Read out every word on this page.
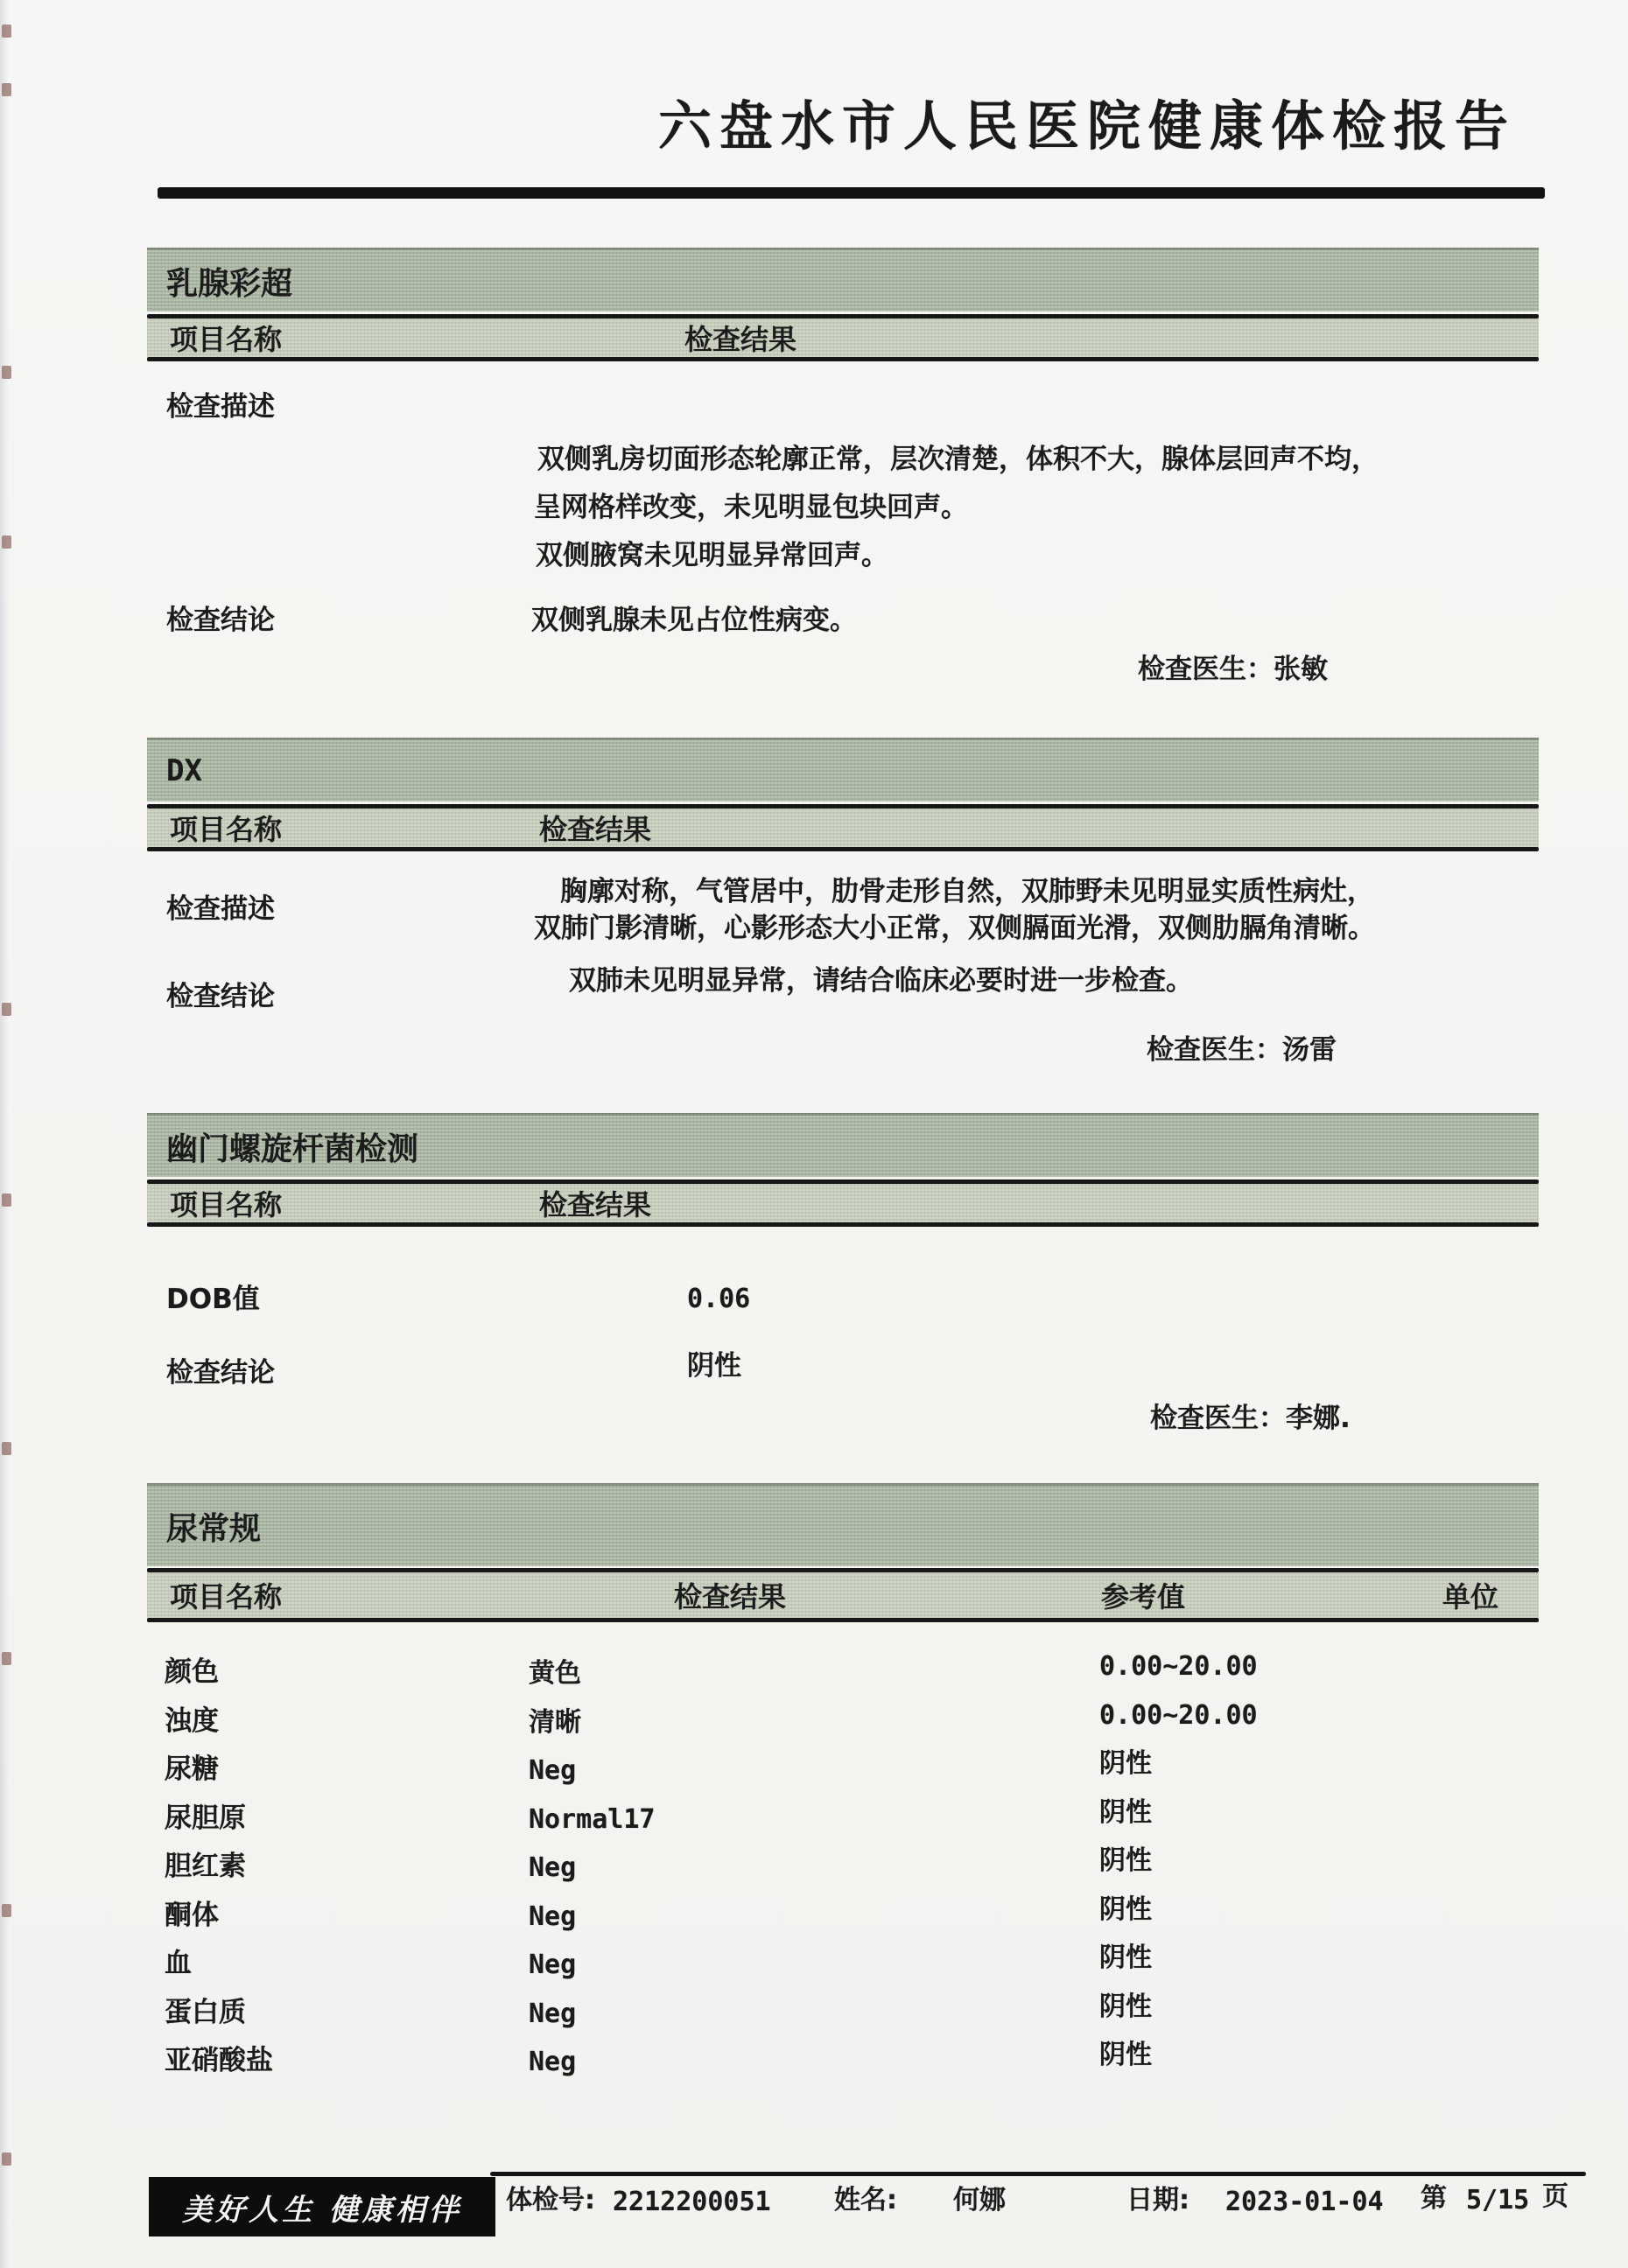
六盘水市人民医院健康体检报告
乳腺彩超
项目名称	检查结果
检查描述
双侧乳房切面形态轮廓正常，层次清楚，体积不大，腺体层回声不均，
呈网格样改变，未见明显包块回声。
双侧腋窝未见明显异常回声。
检查结论	双侧乳腺未见占位性病变。
检查医生：张敏
DX
项目名称	检查结果
检查描述
胸廓对称，气管居中，肋骨走形自然，双肺野未见明显实质性病灶，
双肺门影清晰，心影形态大小正常，双侧膈面光滑，双侧肋膈角清晰。
检查结论	双肺未见明显异常，请结合临床必要时进一步检查。
检查医生：汤雷
幽门螺旋杆菌检测
项目名称	检查结果
DOB值	0.06
检查结论	阴性
检查医生：李娜.
尿常规
项目名称	检查结果	参考值	单位
颜色	黄色	0.00~20.00
浊度	清晰	0.00~20.00
尿糖	Neg	阴性
尿胆原	Normal17	阴性
胆红素	Neg	阴性
酮体	Neg	阴性
血	Neg	阴性
蛋白质	Neg	阴性
亚硝酸盐	Neg	阴性
美好人生 健康相伴 体检号: 2212200051 姓名: 何娜	日期: 2023-01-04 第 5/15 页
